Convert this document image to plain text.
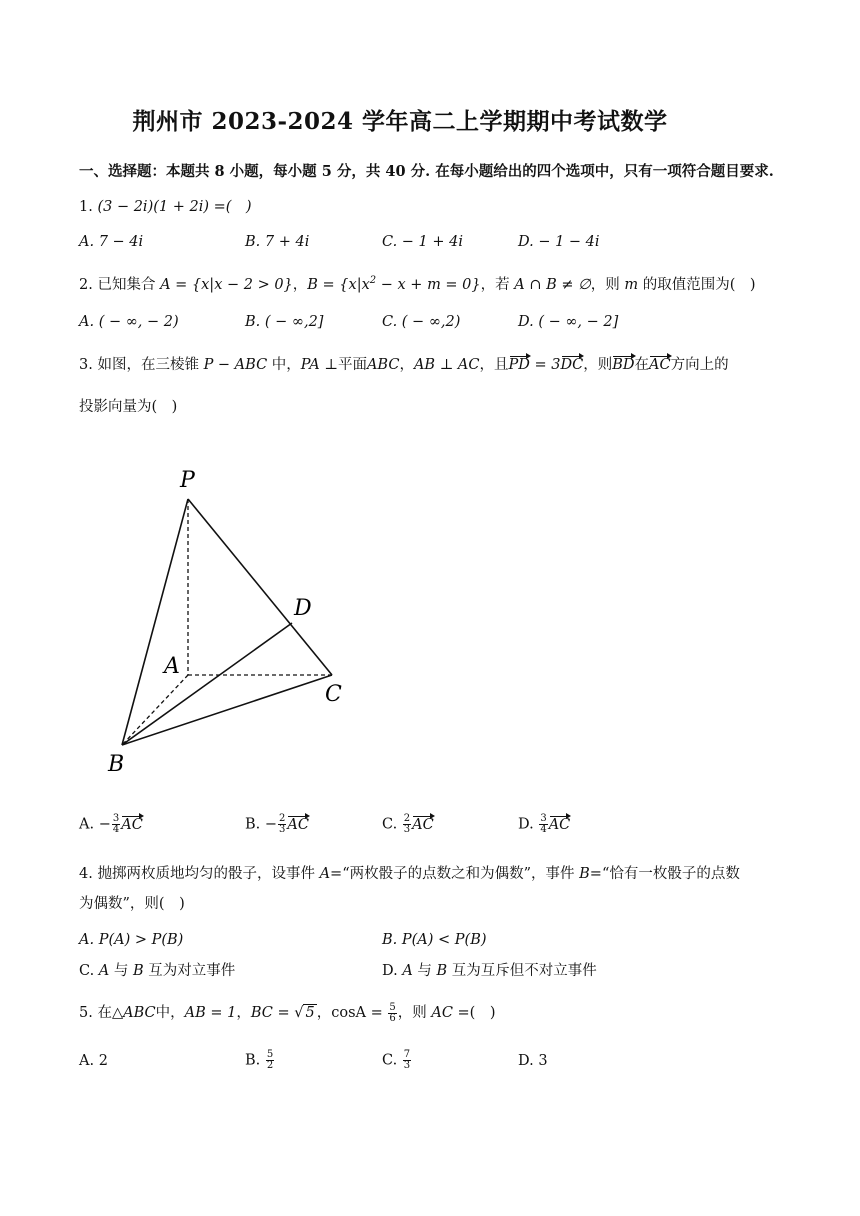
荆州市 2023-2024 学年高二上学期期中考试数学
一、选择题：本题共 8 小题，每小题 5 分，共 40 分. 在每小题给出的四个选项中，只有一项符合题目要求.
1. (3 − 2i)(1 + 2i) =(　)
A. 7 − 4i	B. 7 + 4i	C. − 1 + 4i	D. − 1 − 4i
2. 已知集合 A = {x|x − 2 > 0}，$B = \{x|x^2 - x + m = 0\}$，若 A ∩ B ≠ ∅，则 m 的取值范围为(　)
A. ( − ∞, − 2)	B. ( − ∞,2]	C. ( − ∞,2)	D. ( − ∞, − 2]
3. 如图，在三棱锥 P − ABC 中，PA ⊥平面ABC，AB ⊥ AC，且PD = 3DC，则BD在AC方向上的
投影向量为(　)
P
A
D
C
B
A. − $\frac{3}{4}$ AC	B. − $\frac{2}{3}$ AC	C. $\frac{2}{3}$ AC	D. $\frac{3}{4}$ AC
4. 抛掷两枚质地均匀的骰子，设事件 A=“两枚骰子的点数之和为偶数”，事件 B=“恰有一枚骰子的点数
为偶数”，则(　)
A. P(A) > P(B)	B. P(A) < P(B)
C. A 与 B 互为对立事件	D. A 与 B 互为互斥但不对立事件
5. 在△ABC中，AB = 1，BC = √ 5 ，$\cos A = \frac{5}{6}$ ，则 AC =(　)
A. 2	B. $\frac{5}{2}$	C. $\frac{7}{3}$	D. 3
